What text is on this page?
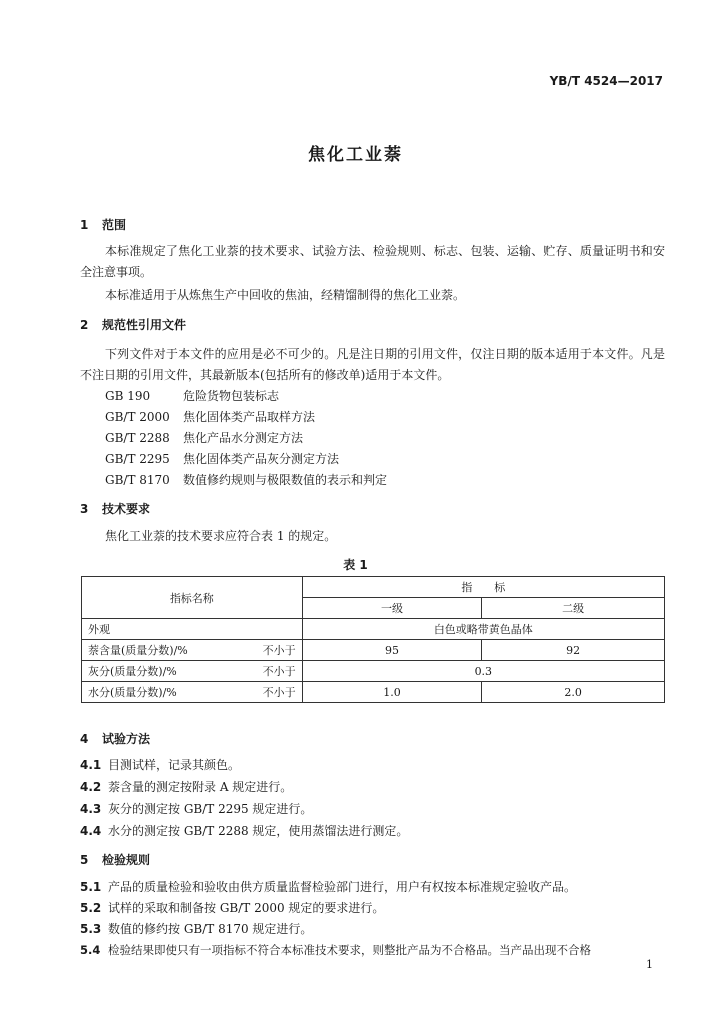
YB/T 4524—2017
焦化工业萘
1 范围
本标准规定了焦化工业萘的技术要求、试验方法、检验规则、标志、包装、运输、贮存、质量证明书和安全注意事项。
本标准适用于从炼焦生产中回收的焦油，经精馏制得的焦化工业萘。
2 规范性引用文件
下列文件对于本文件的应用是必不可少的。凡是注日期的引用文件，仅注日期的版本适用于本文件。凡是不注日期的引用文件，其最新版本(包括所有的修改单)适用于本文件。
GB 190	危险货物包装标志
GB/T 2000 焦化固体类产品取样方法
GB/T 2288 焦化产品水分测定方法
GB/T 2295 焦化固体类产品灰分测定方法
GB/T 8170 数值修约规则与极限数值的表示和判定
3 技术要求
焦化工业萘的技术要求应符合表 1 的规定。
表 1
指标名称	指　　标	
	一级	二级

外观	白色或略带黄色晶体	

萘含量(质量分数)/% 不小于	95	92

灰分(质量分数)/% 不小于	0.3	

水分(质量分数)/% 不小于	1.0	2.0
4 试验方法
4.1 目测试样，记录其颜色。
4.2 萘含量的测定按附录 A 规定进行。
4.3 灰分的测定按 GB/T 2295 规定进行。
4.4 水分的测定按 GB/T 2288 规定，使用蒸馏法进行测定。
5 检验规则
5.1 产品的质量检验和验收由供方质量监督检验部门进行，用户有权按本标准规定验收产品。
5.2 试样的采取和制备按 GB/T 2000 规定的要求进行。
5.3 数值的修约按 GB/T 8170 规定进行。
5.4 检验结果即使只有一项指标不符合本标准技术要求，则整批产品为不合格品。当产品出现不合格
1
